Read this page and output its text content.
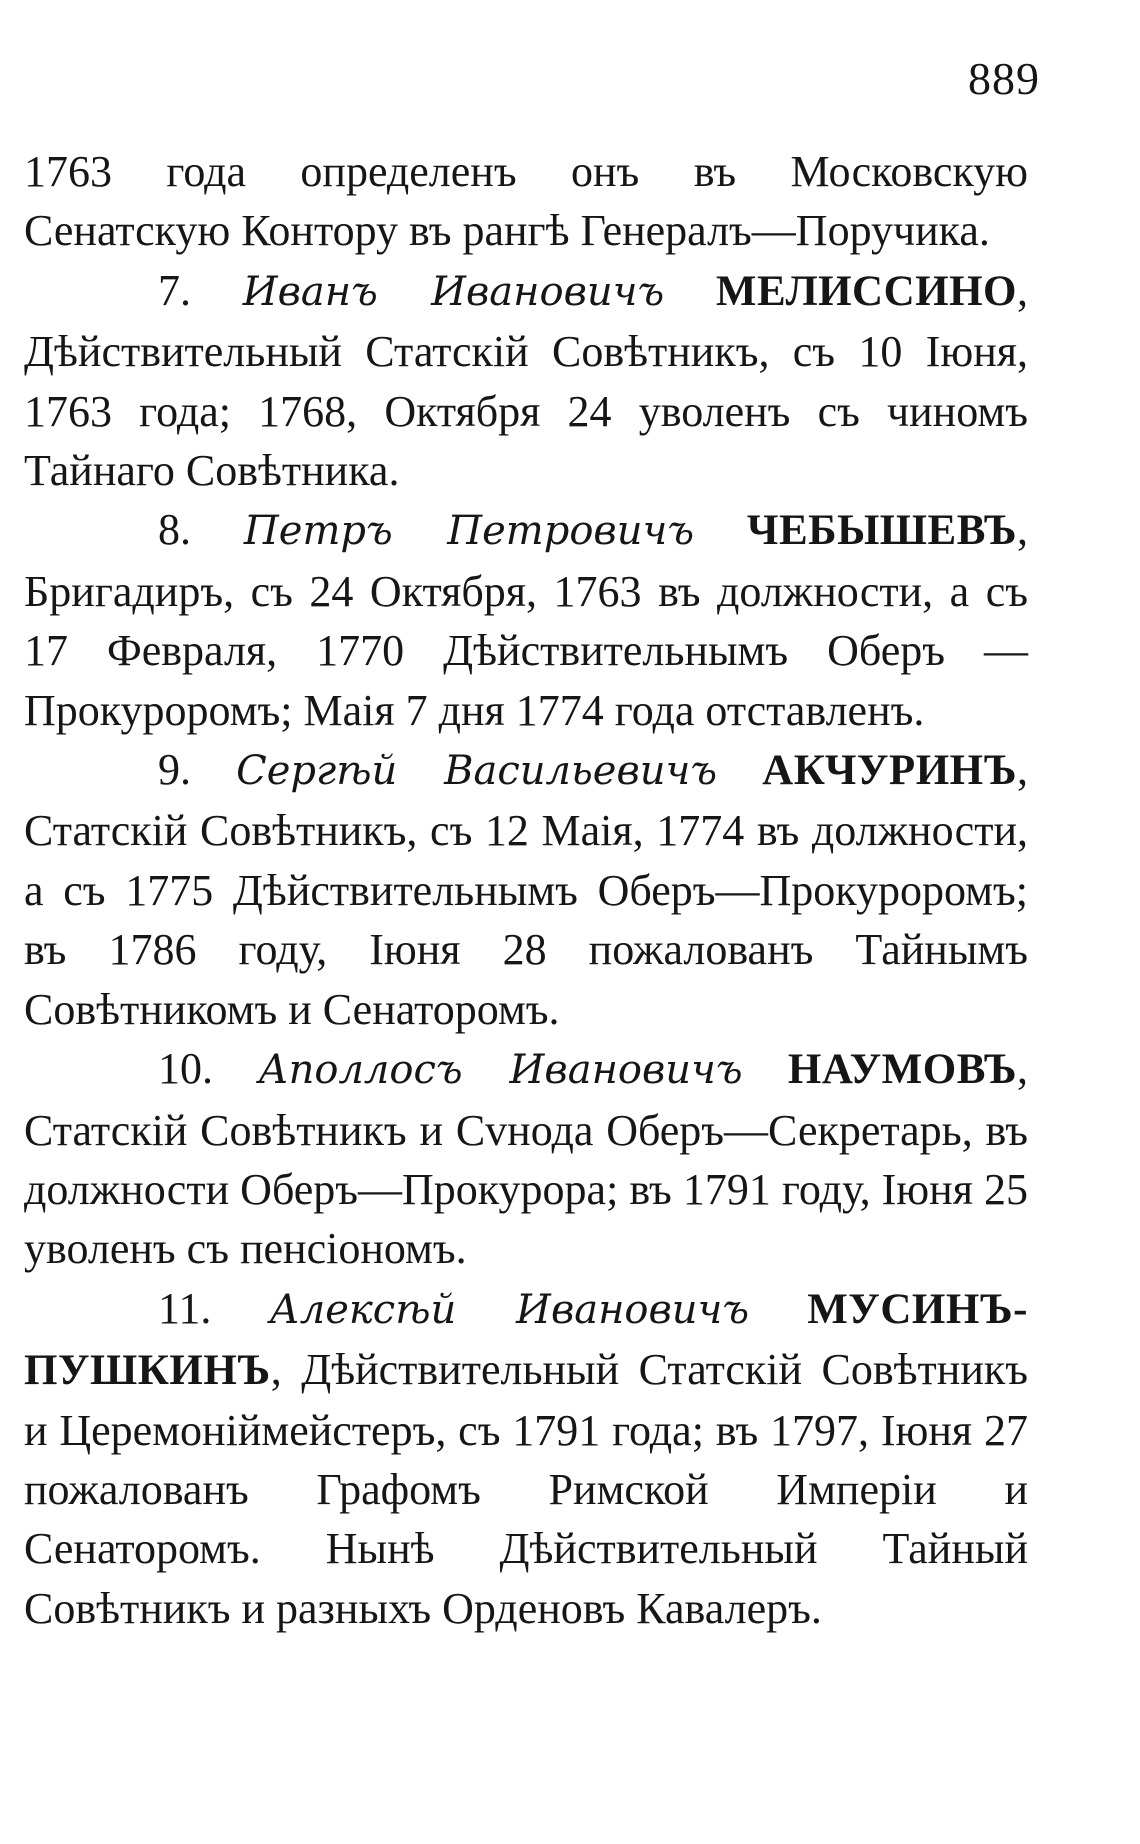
889

1763 года определенъ онъ въ Московскую Сенатскую Контору въ рангѣ Генералъ—Поручика.

7. Иванъ Ивановичъ МЕЛИССИНО, Дѣйствительный Статскій Совѣтникъ, съ 10 Іюня, 1763 года; 1768, Октября 24 уволенъ съ чиномъ Тайнаго Совѣтника.

8. Петръ Петровичъ ЧЕБЫШЕВЪ, Бригадиръ, съ 24 Октября, 1763 въ должности, а съ 17 Февраля, 1770 Дѣйствительнымъ Оберъ — Прокуроромъ; Маія 7 дня 1774 года отставленъ.

9. Сергѣй Васильевичъ АКЧУРИНЪ, Статскій Совѣтникъ, съ 12 Маія, 1774 въ должности, а съ 1775 Дѣйствительнымъ Оберъ—Прокуроромъ; въ 1786 году, Іюня 28 пожалованъ Тайнымъ Совѣтникомъ и Сенаторомъ.

10. Аполлосъ Ивановичъ НАУМОВЪ, Статскій Совѣтникъ и Сvнода Оберъ—Секретарь, въ должности Оберъ—Прокурора; въ 1791 году, Іюня 25 уволенъ съ пенсіономъ.

11. Алексѣй Ивановичъ МУСИНЪ-ПУШКИНЪ, Дѣйствительный Статскій Совѣтникъ и Церемоніймейстеръ, съ 1791 года; въ 1797, Іюня 27 пожалованъ Графомъ Римской Имперіи и Сенаторомъ. Нынѣ Дѣйствительный Тайный Совѣтникъ и разныхъ Орденовъ Кавалеръ.
